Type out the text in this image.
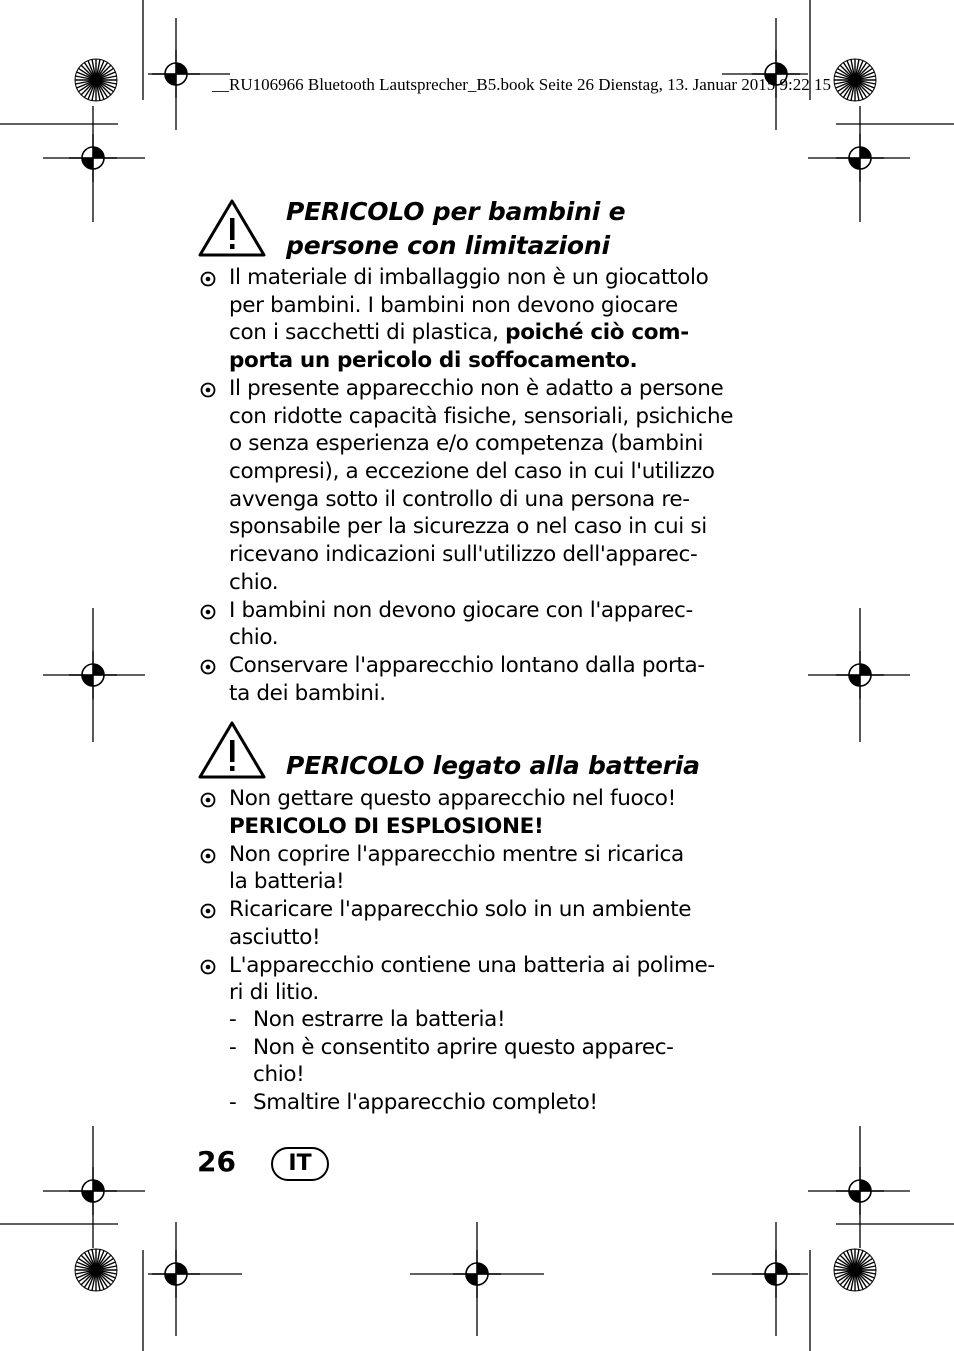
__RU106966 Bluetooth Lautsprecher_B5.book Seite 26 Dienstag, 13. Januar 2015 9:22 15
PERICOLO per bambini e
persone con limitazioni
Il materiale di imballaggio non è un giocattolo
per bambini. I bambini non devono giocare
con i sacchetti di plastica, poiché ciò com-
porta un pericolo di soffocamento.
Il presente apparecchio non è adatto a persone
con ridotte capacità fisiche, sensoriali, psichiche
o senza esperienza e/o competenza (bambini
compresi), a eccezione del caso in cui l'utilizzo
avvenga sotto il controllo di una persona re-
sponsabile per la sicurezza o nel caso in cui si
ricevano indicazioni sull'utilizzo dell'apparec-
chio.
I bambini non devono giocare con l'apparec-
chio.
Conservare l'apparecchio lontano dalla porta-
ta dei bambini.
PERICOLO legato alla batteria
Non gettare questo apparecchio nel fuoco!
PERICOLO DI ESPLOSIONE!
Non coprire l'apparecchio mentre si ricarica
la batteria!
Ricaricare l'apparecchio solo in un ambiente
asciutto!
L'apparecchio contiene una batteria ai polime-
ri di litio.
- Non estrarre la batteria!
- Non è consentito aprire questo apparec-
chio!
- Smaltire l'apparecchio completo!
26	IT
